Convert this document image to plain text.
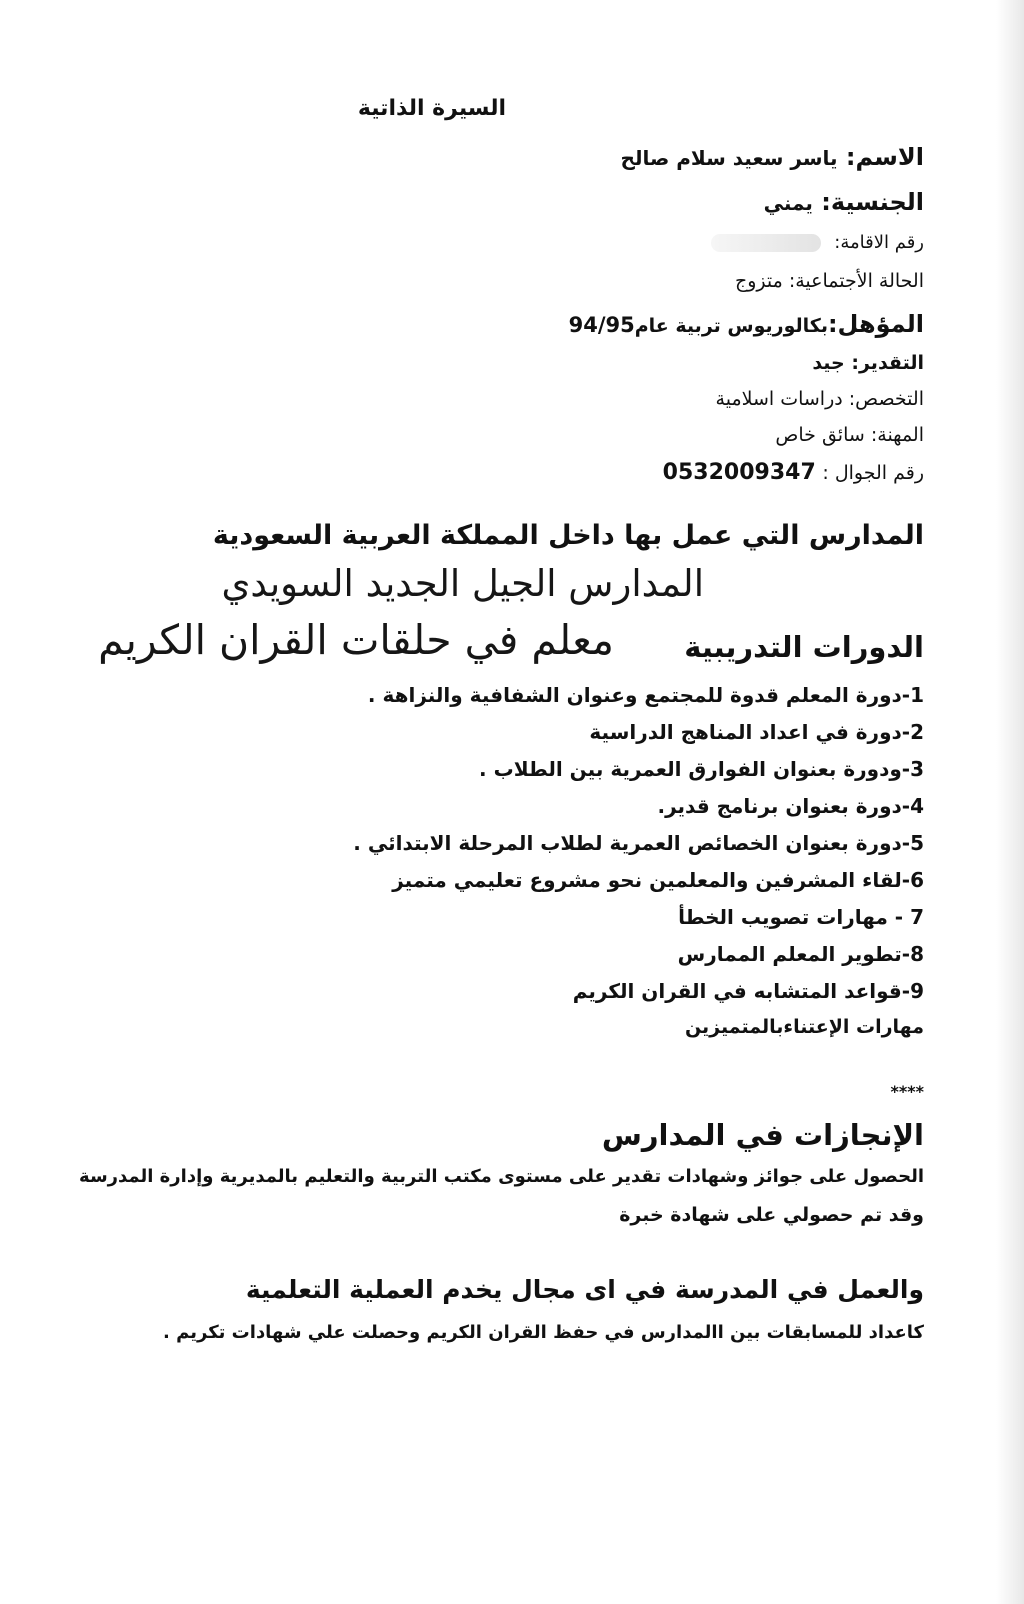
السيرة الذاتية
الاسم: ياسر سعيد سلام صالح
الجنسية: يمني
رقم الاقامة:
الحالة الأجتماعية: متزوج
المؤهل:بكالوريوس تربية عام94/95
التقدير: جيد
التخصص: دراسات اسلامية
المهنة: سائق خاص
رقم الجوال : 0532009347
المدارس التي عمل بها داخل المملكة العربية السعودية
المدارس الجيل الجديد السويدي
الدورات التدريبية
معلم في حلقات القران الكريم
1-دورة المعلم قدوة للمجتمع وعنوان الشفافية والنزاهة .
2-دورة في اعداد المناهج الدراسية
3-ودورة بعنوان الفوارق العمرية بين الطلاب .
4-دورة بعنوان برنامج قدير.
5-دورة بعنوان الخصائص العمرية لطلاب المرحلة الابتدائي .
6-لقاء المشرفين والمعلمين نحو مشروع تعليمي متميز
7 - مهارات تصويب الخطأ
8-تطوير المعلم الممارس
9-قواعد المتشابه في القران الكريم
مهارات الإعتناءبالمتميزين
****
الإنجازات في المدارس
الحصول على جوائز وشهادات تقدير على مستوى مكتب التربية والتعليم بالمديرية وإدارة المدرسة
وقد تم حصولي على شهادة خبرة
والعمل في المدرسة في اى مجال يخدم العملية التعلمية
كاعداد للمسابقات بين االمدارس في حفظ القران الكريم وحصلت علي شهادات تكريم .
